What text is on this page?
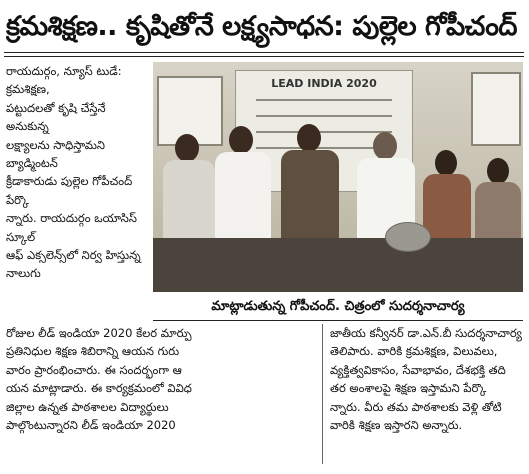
క్రమశిక్షణ.. కృషితోనే లక్ష్యసాధన: పుల్లెల గోపీచంద్

రాయదుర్గం, న్యూస్ టుడే: క్రమశిక్షణ,

పట్టుదలతో కృషి చేస్తేనే అనుకున్న

లక్ష్యాలను సాధిస్తామని బ్యాడ్మింటన్

క్రీడాకారుడు పుల్లెల గోపీచంద్ పేర్కొ

న్నారు. రాయదుర్గం ఒయాసిస్ స్కూల్

ఆఫ్ ఎక్సలెన్స్‌లో నిర్వ హిస్తున్న నాలుగు

LEAD INDIA 2020
మాట్లాడుతున్న గోపీచంద్. చిత్రంలో సుదర్శనాచార్య

రోజుల లీడ్ ఇండియా 2020 కేలర మార్పు

ప్రతినిధుల శిక్షణ శిబిరాన్ని ఆయన గురు

వారం ప్రారంభించారు. ఈ సందర్భంగా ఆ

యన మాట్లాడారు. ఈ కార్యక్రమంలో వివిధ

జిల్లాల ఉన్నత పాఠశాలల విద్యార్థులు

పాల్గొంటున్నారని లీడ్ ఇండియా 2020

జాతీయ కన్వీనర్ డా.ఎన్.బీ సుదర్శనాచార్య

తెలిపారు. వారికి క్రమశిక్షణ, విలువలు,

వ్యక్తిత్వవికాసం, సేవాభావం, దేశభక్తి తది

తర అంశాలపై శిక్షణ ఇస్తామని పేర్కొ

న్నారు. వీరు తమ పాఠశాలకు వెళ్లి తోటి

వారికి శిక్షణ ఇస్తారని అన్నారు.
